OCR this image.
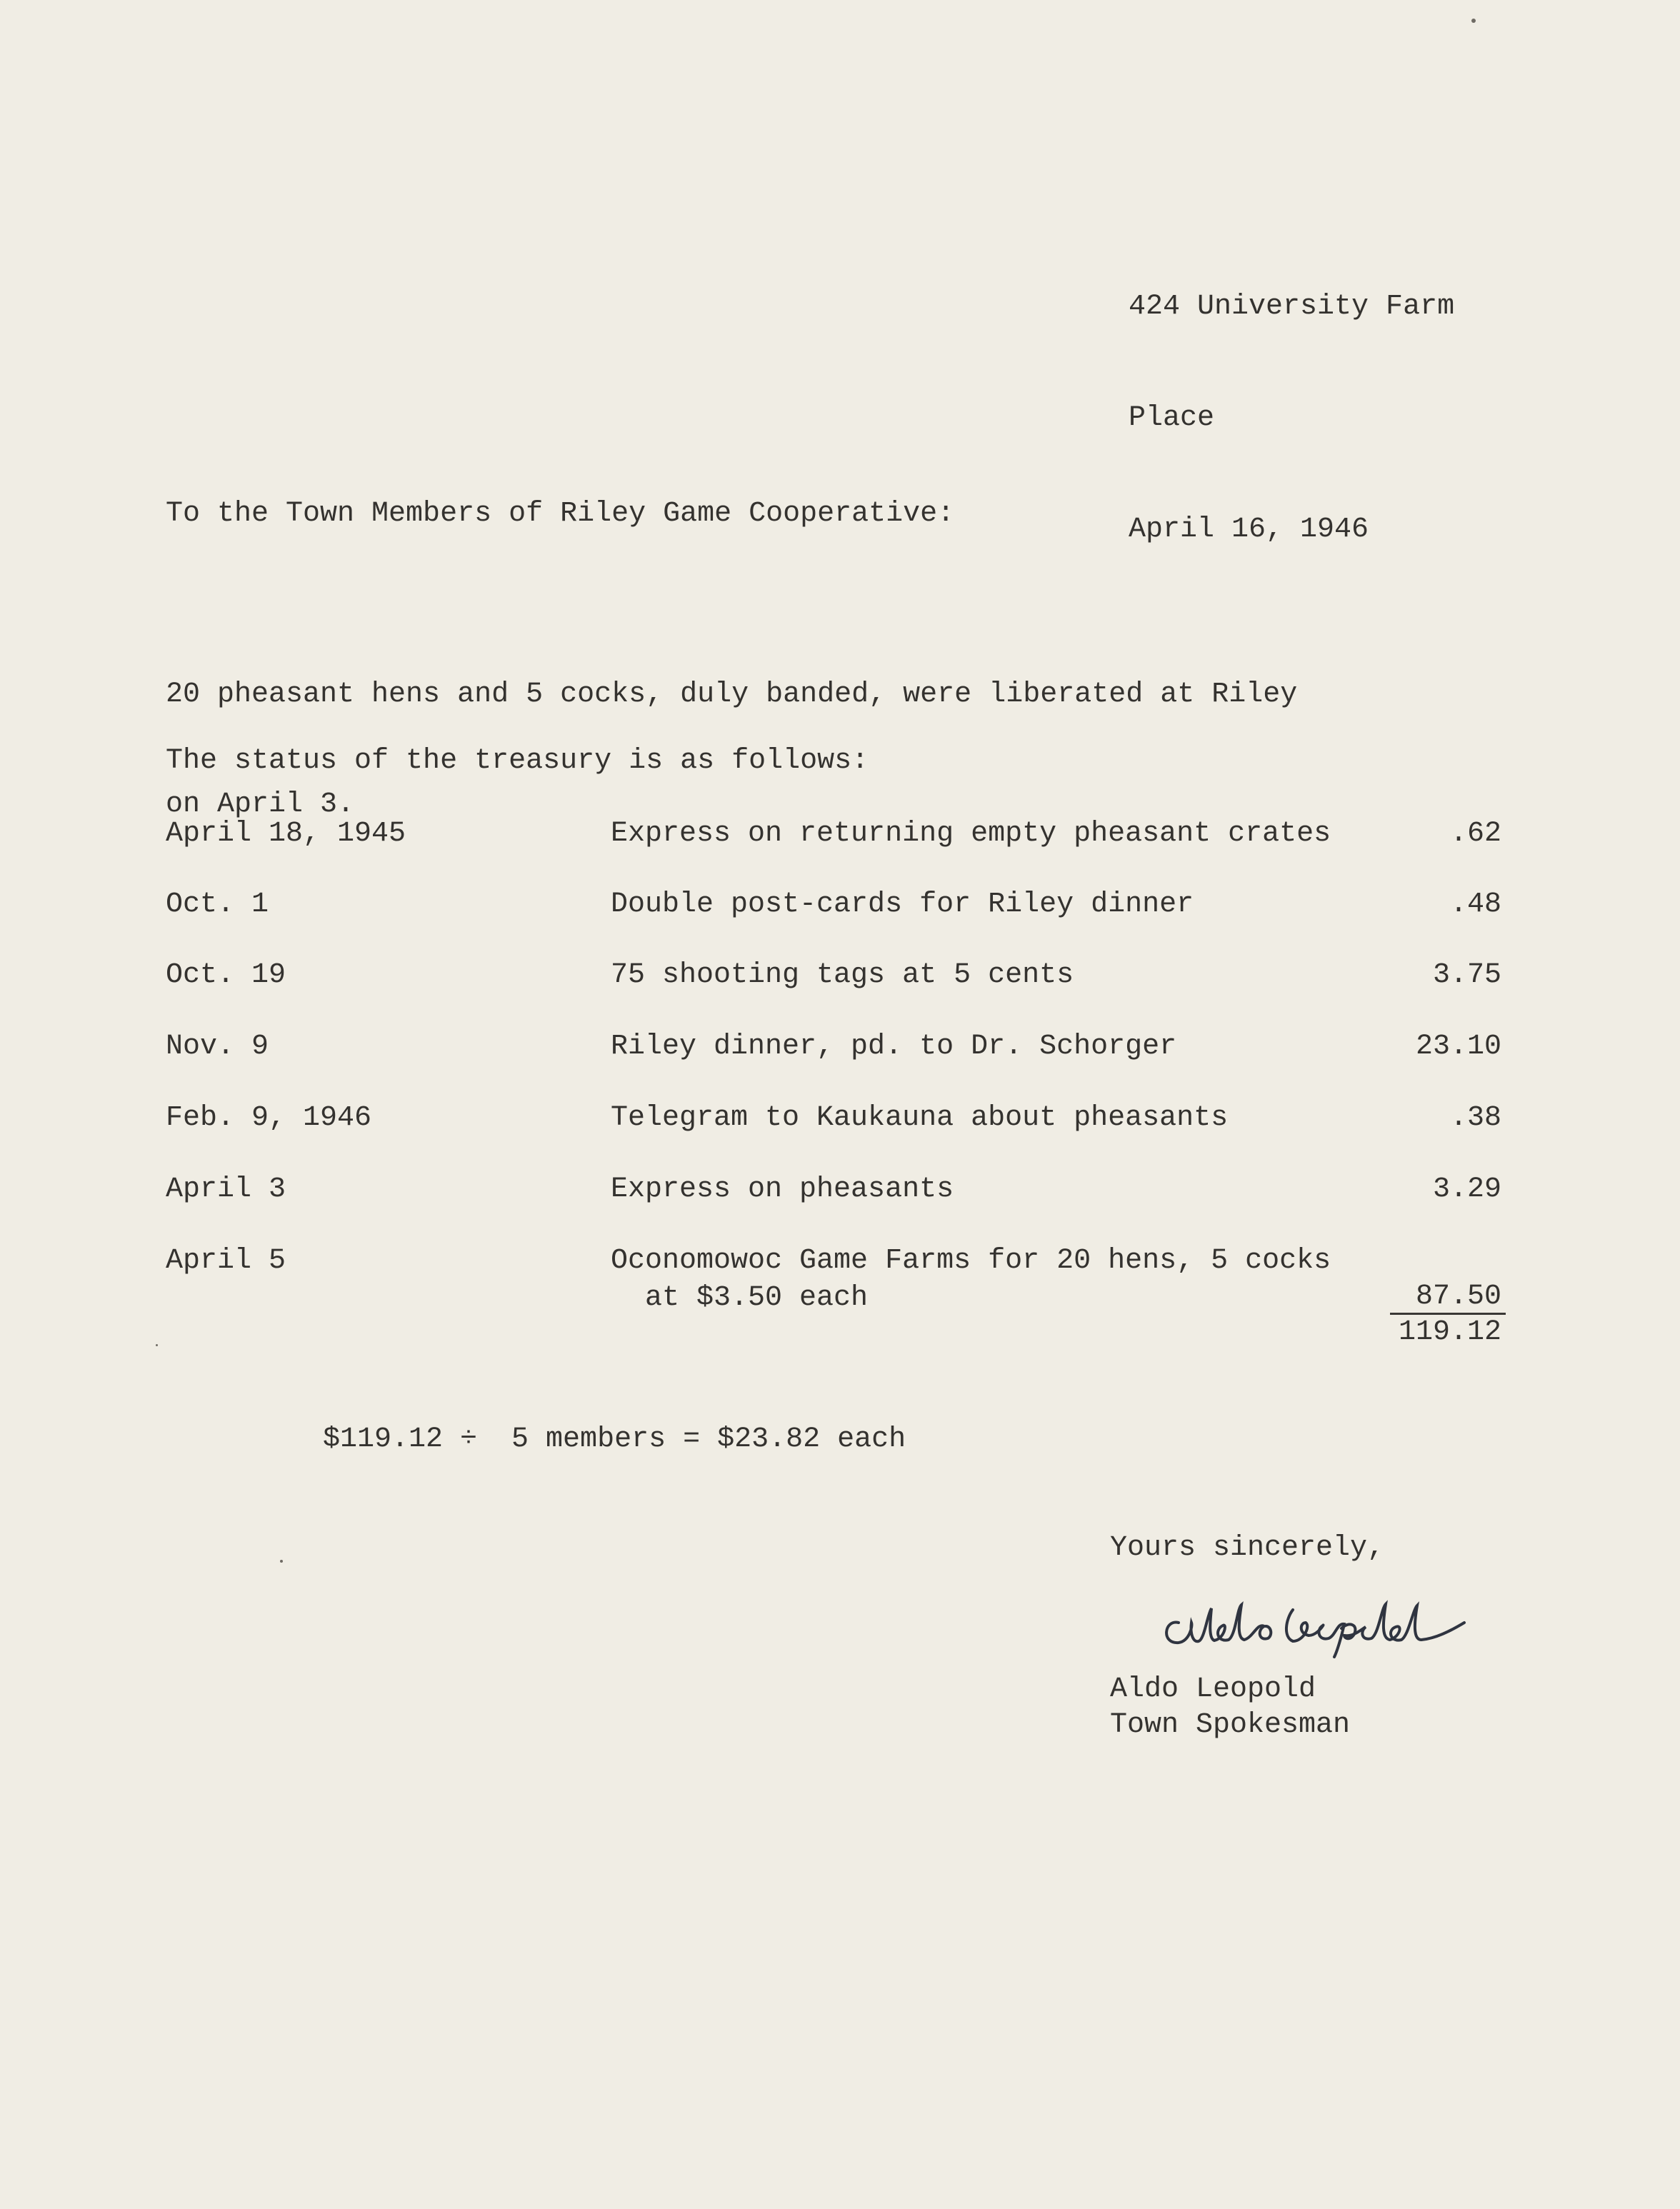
424 University Farm

Place

April 16, 1946

To the Town Members of Riley Game Cooperative:

20 pheasant hens and 5 cocks, duly banded, were liberated at Riley

on April 3.

The status of the treasury is as follows:
April 18, 1945	Express on returning empty pheasant crates	.62
Oct. 1	Double post-cards for Riley dinner	.48
Oct. 19	75 shooting tags at 5 cents	3.75
Nov. 9	Riley dinner, pd. to Dr. Schorger	23.10
Feb. 9, 1946	Telegram to Kaukauna about pheasants	.38
April 3	Express on pheasants	3.29
April 5	Oconomowoc Game Farms for 20 hens, 5 cocks
at $3.50 each	87.50
119.12
$119.12 ÷  5 members = $23.82 each
Yours sincerely,
Aldo Leopold
Town Spokesman
